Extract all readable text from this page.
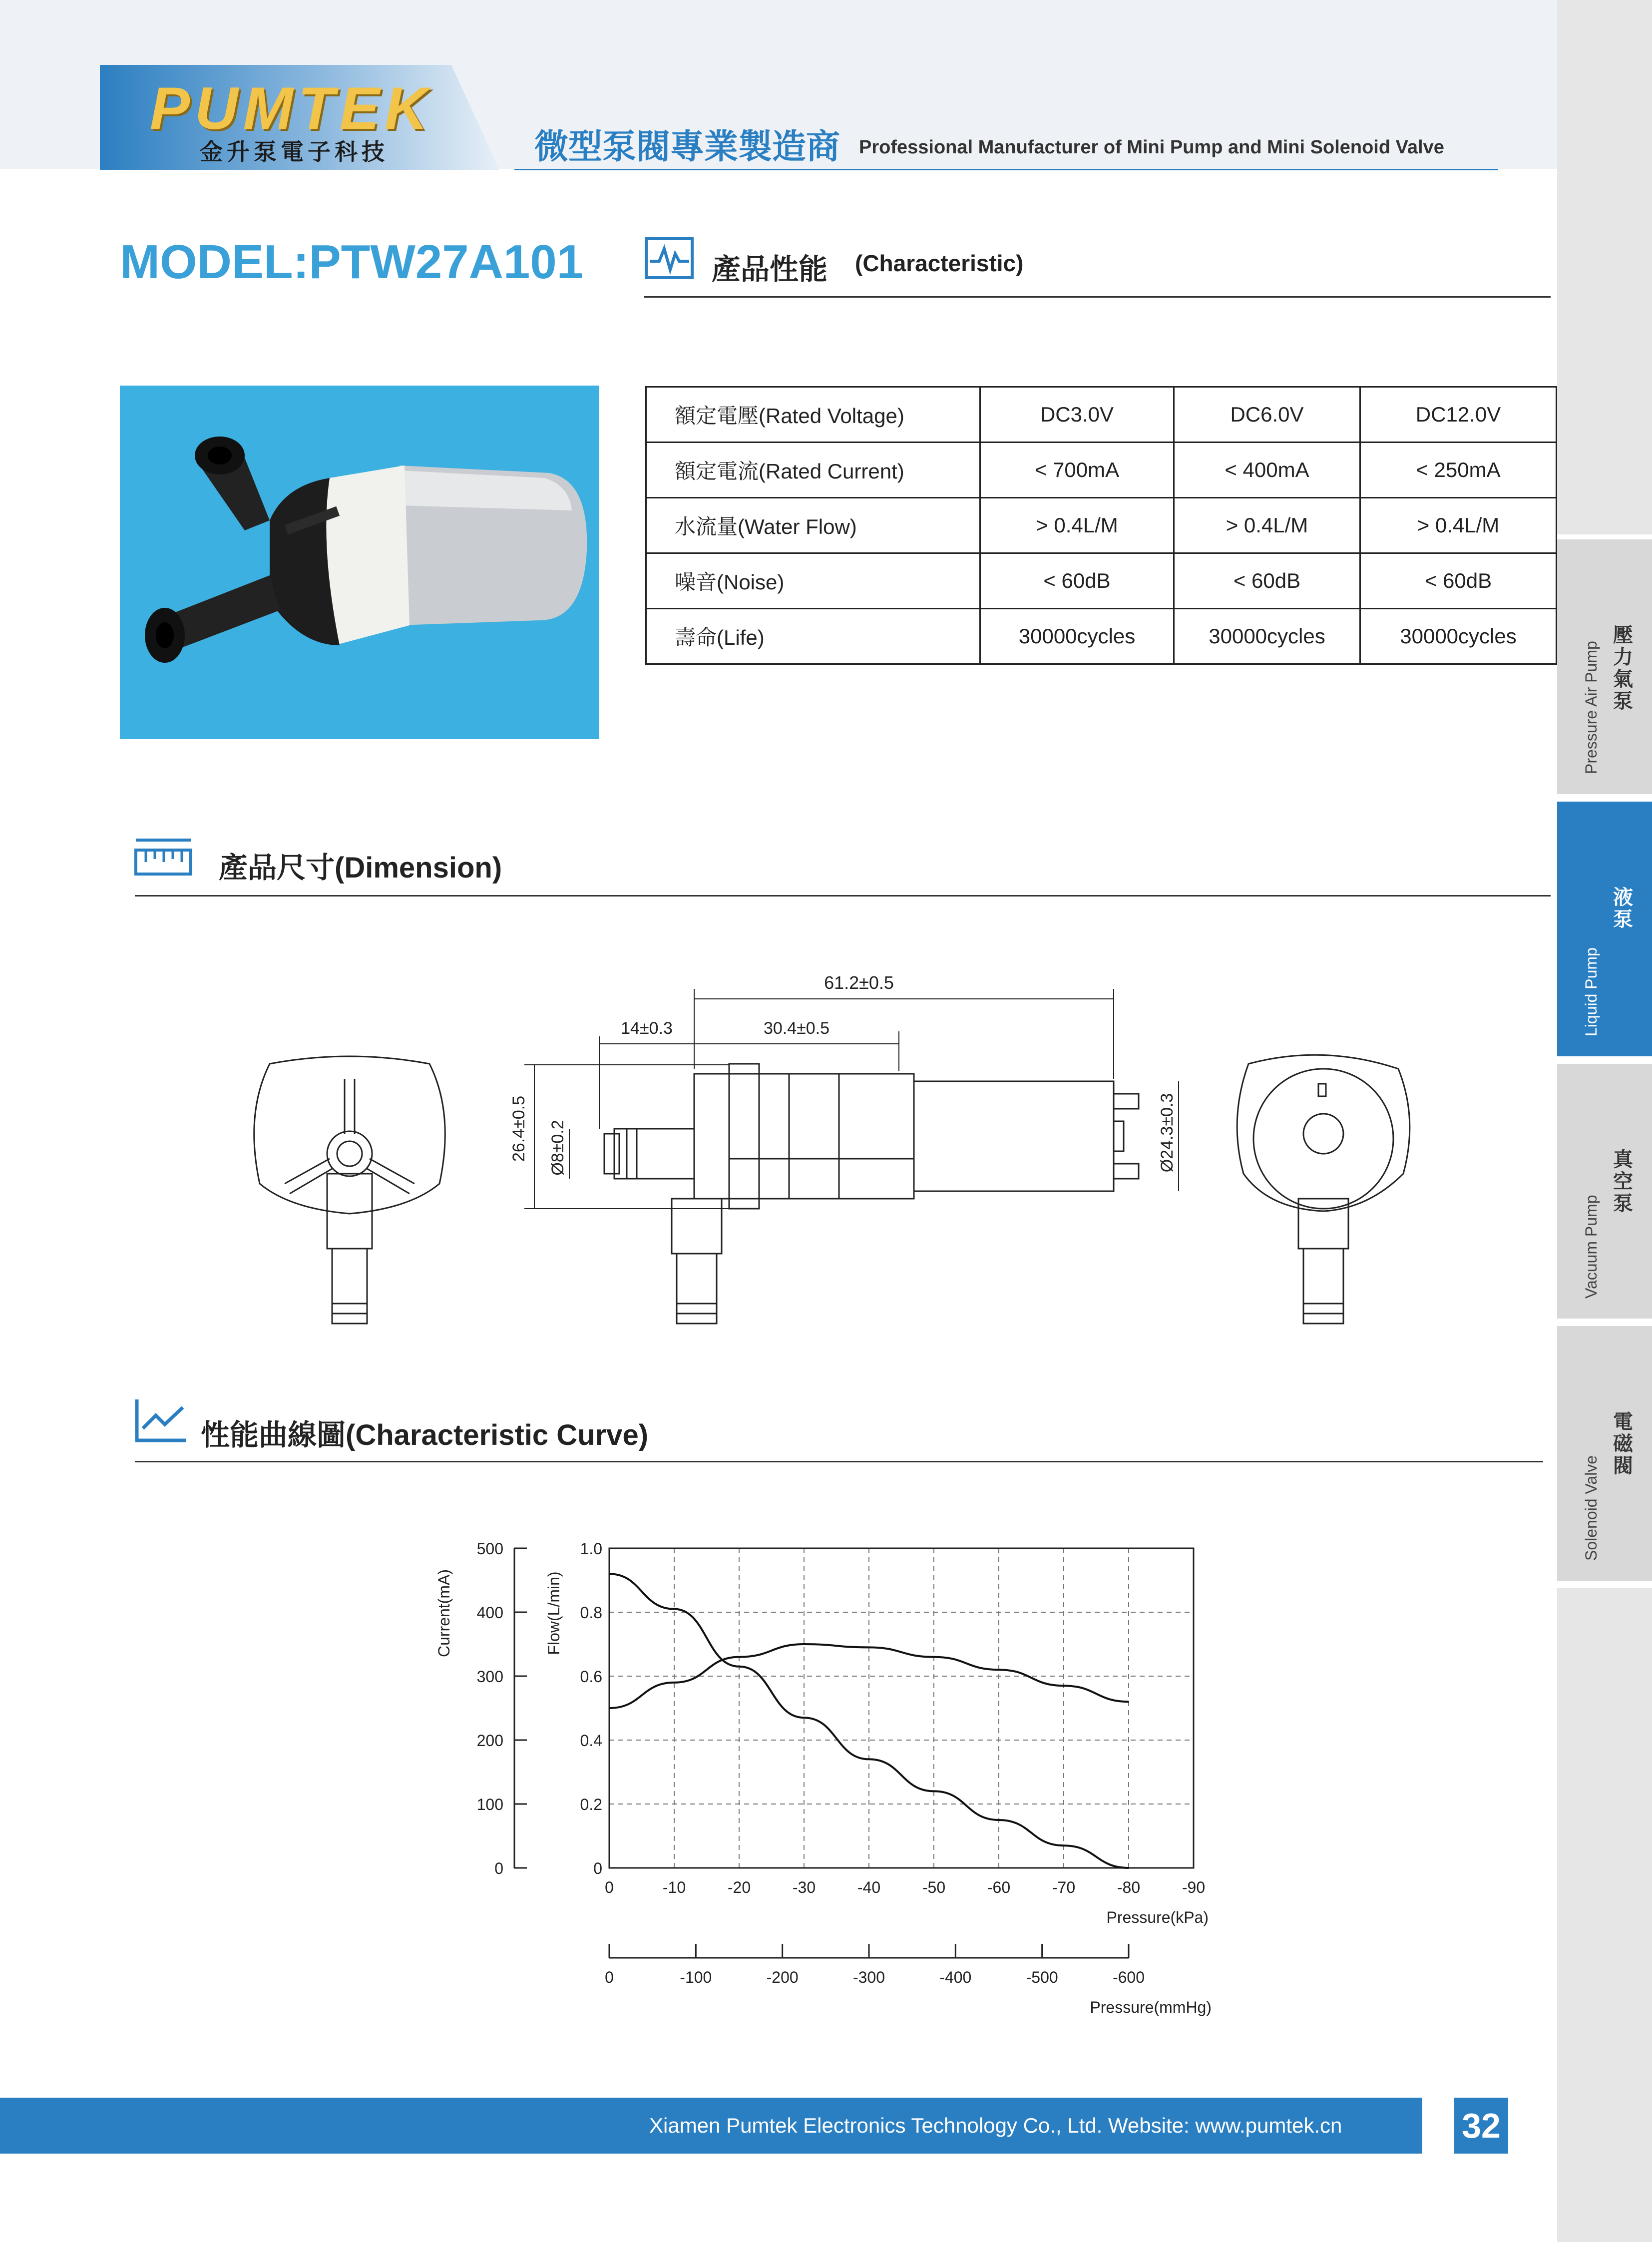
PUMTEK
金升泵電子科技	微型泵閥專業製造商 Professional Manufacturer of Mini Pump and Mini Solenoid Valve
Pressure Air Pump
壓力氣泵
Liquid Pump
液泵
Vacuum Pump
真空泵
Solenoid Valve
電磁閥
MODEL:PTW27A101	產品性能 (Characteristic)
額定電壓(Rated Voltage)	DC3.0V	DC6.0V	DC12.0V
額定電流(Rated Current)	< 700mA	< 400mA	< 250mA
水流量(Water Flow)	> 0.4L/M	> 0.4L/M	> 0.4L/M
噪音(Noise)	< 60dB	< 60dB	< 60dB
壽命(Life)	30000cycles	30000cycles	30000cycles
產品尺寸(Dimension)
61.2±0.5
14±0.3	30.4±0.5
26.4±0.5 Ø8±0.2	Ø24.3±0.3
性能曲線圖(Characteristic Curve)
0	-10	-20	-30	-40	-50	-60	-70	-80	-90
0
0.2
0.4
0.6
0.8
1.0
0
100
200
300
400
500
Current(mA)	Flow(L/min)
Pressure(kPa)
0	-100	-200	-300	-400	-500	-600
Pressure(mmHg)
Xiamen Pumtek Electronics Technology Co., Ltd. Website: www.pumtek.cn	32
